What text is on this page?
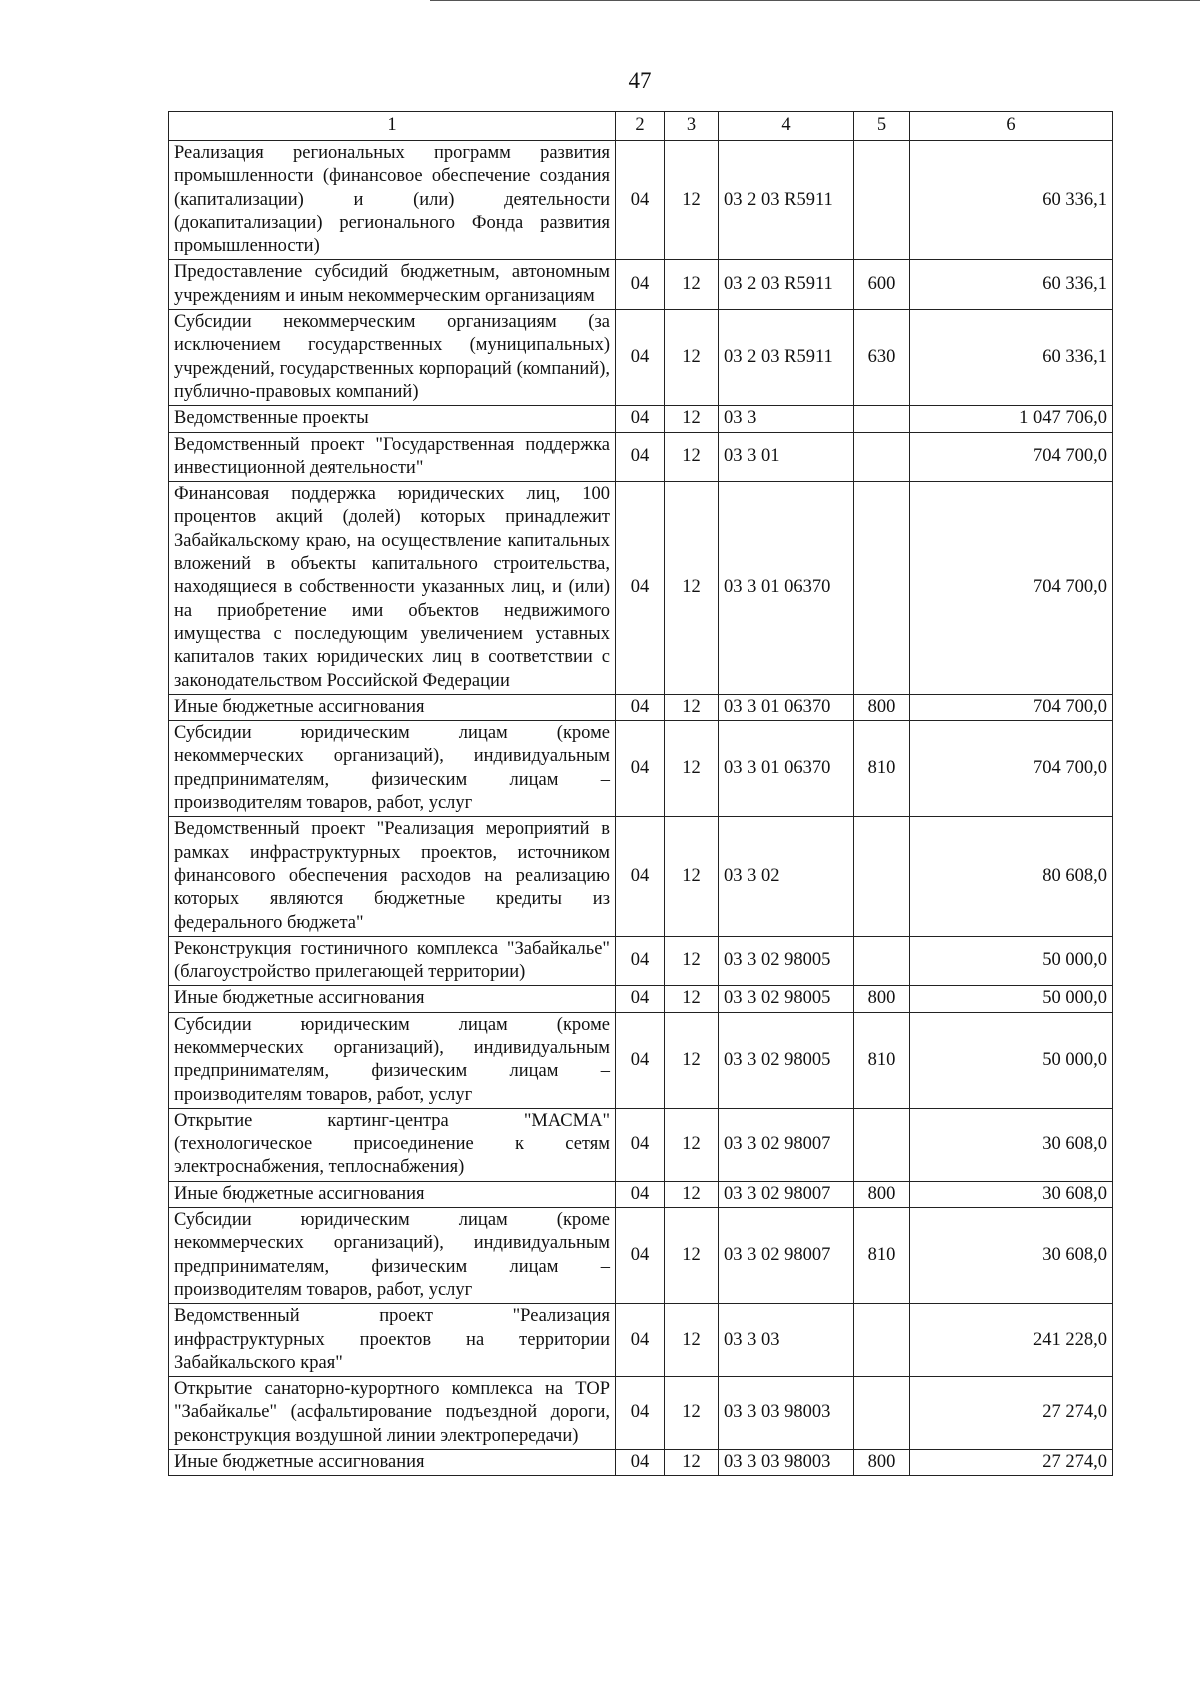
47
1	2	3	4	5	6
Реализация региональных программ развития промышленности (финансовое обеспечение создания (капитализации) и (или) деятельности (докапитализации) регионального Фонда развития промышленности)	04	12	03 2 03 R5911		60 336,1
Предоставление субсидий бюджетным, автономным учреждениям и иным некоммерческим организациям	04	12	03 2 03 R5911	600	60 336,1
Субсидии некоммерческим организациям (за исключением государственных (муниципальных) учреждений, государственных корпораций (компаний), публично-правовых компаний)	04	12	03 2 03 R5911	630	60 336,1
Ведомственные проекты	04	12	03 3		1 047 706,0
Ведомственный проект "Государственная поддержка инвестиционной деятельности"	04	12	03 3 01		704 700,0
Финансовая поддержка юридических лиц, 100 процентов акций (долей) которых принадлежит Забайкальскому краю, на осуществление капитальных вложений в объекты капитального строительства, находящиеся в собственности указанных лиц, и (или) на приобретение ими объектов недвижимого имущества с последующим увеличением уставных капиталов таких юридических лиц в соответствии с законодательством Российской Федерации	04	12	03 3 01 06370		704 700,0
Иные бюджетные ассигнования	04	12	03 3 01 06370	800	704 700,0
Субсидии юридическим лицам (кроме некоммерческих организаций), индивидуальным предпринимателям, физическим лицам – производителям товаров, работ, услуг	04	12	03 3 01 06370	810	704 700,0
Ведомственный проект "Реализация мероприятий в рамках инфраструктурных проектов, источником финансового обеспечения расходов на реализацию которых являются бюджетные кредиты из федерального бюджета"	04	12	03 3 02		80 608,0
Реконструкция гостиничного комплекса "Забайкалье" (благоустройство прилегающей территории)	04	12	03 3 02 98005		50 000,0
Иные бюджетные ассигнования	04	12	03 3 02 98005	800	50 000,0
Субсидии юридическим лицам (кроме некоммерческих организаций), индивидуальным предпринимателям, физическим лицам – производителям товаров, работ, услуг	04	12	03 3 02 98005	810	50 000,0
Открытие картинг-центра "МАСМА" (технологическое присоединение к сетям электроснабжения, теплоснабжения)	04	12	03 3 02 98007		30 608,0
Иные бюджетные ассигнования	04	12	03 3 02 98007	800	30 608,0
Субсидии юридическим лицам (кроме некоммерческих организаций), индивидуальным предпринимателям, физическим лицам – производителям товаров, работ, услуг	04	12	03 3 02 98007	810	30 608,0
Ведомственный проект "Реализация инфраструктурных проектов на территории Забайкальского края"	04	12	03 3 03		241 228,0
Открытие санаторно-курортного комплекса на ТОР "Забайкалье" (асфальтирование подъездной дороги, реконструкция воздушной линии электропередачи)	04	12	03 3 03 98003		27 274,0
Иные бюджетные ассигнования	04	12	03 3 03 98003	800	27 274,0
